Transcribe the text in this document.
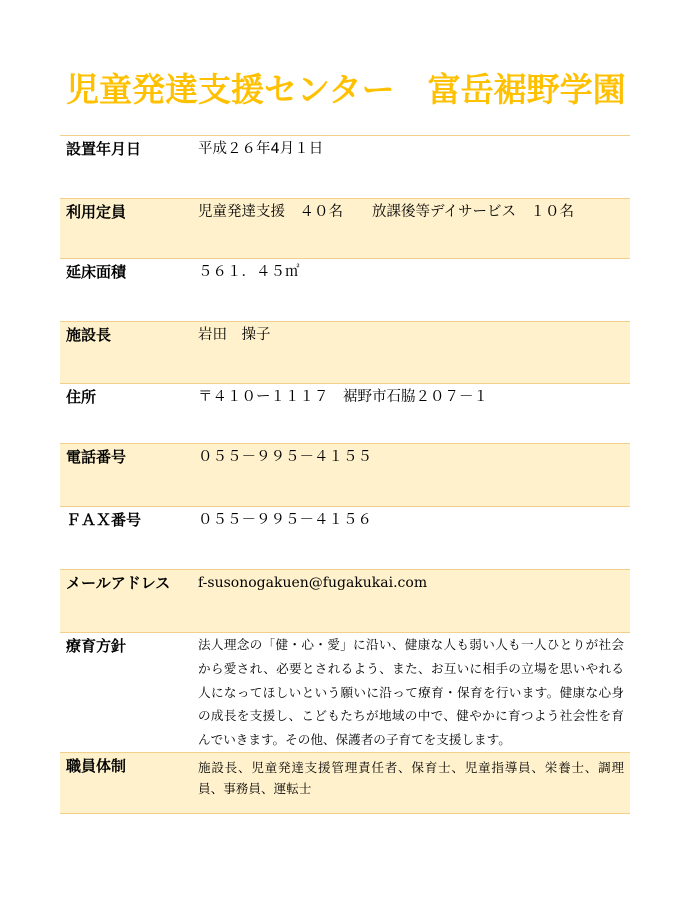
児童発達支援センター　富岳裾野学園
設置年月日	平成２６年4月１日
利用定員	児童発達支援　４０名　　放課後等デイサービス　１０名
延床面積	５６１．４５㎡
施設長	岩田　操子
住所	〒４１０ー１１１７　裾野市石脇２０７－１
電話番号	０５５－９９５－４１５５
ＦＡＸ番号	０５５－９９５－４１５６
メールアドレス f-susonogakuen@fugakukai.com
療育方針	法人理念の「健・心・愛」に沿い、健康な人も弱い人も一人ひとりが社会から愛され、必要とされるよう、また、お互いに相手の立場を思いやれる人になってほしいという願いに沿って療育・保育を行います。健康な心身の成長を支援し、こどもたちが地域の中で、健やかに育つよう社会性を育んでいきます。その他、保護者の子育てを支援します。
職員体制	施設長、児童発達支援管理責任者、保育士、児童指導員、栄養士、調理員、事務員、運転士
